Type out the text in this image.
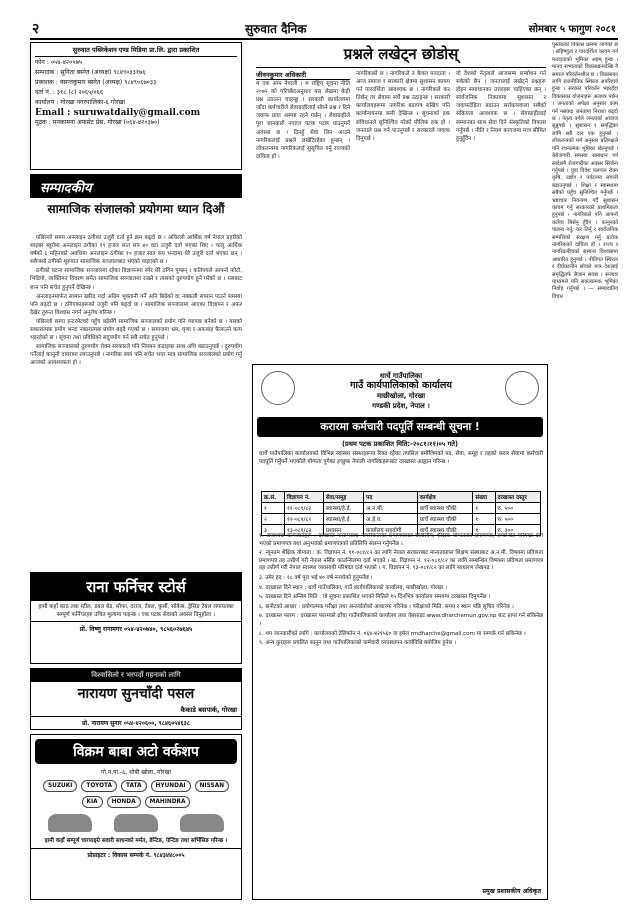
२	सुरुवात दैनिक	सोमबार ५ फागुण २०८१
सुरुवात पब्लिकेशन एण्ड मिडिया प्रा.लि. द्वारा प्रकाशित
फोन : ०५४-४२०५७५
सम्पादक : सुनिता बस्नेत (अध्यक्ष) ९८४९०३३१७६
प्रकाशक : वसन्तकुमार बस्नेत (अध्यक्ष) ९८४९०६७०३३
दर्ता नं. : ३१८ (८) २०६५/०६६
कार्यालय : गोरखा नगरपालिका-६ गोरखा
Email : suruwatdaily@gmail.com
मुद्रक : मनकामना अफसेट प्रेस, गोरखा (०६४-४२०३७०)
सम्पादकीय
सामाजिक संजालको प्रयोगमा ध्यान दिऔं

पछिल्लो समय अनलाइन ठगीका उजुरी दर्ता हुने क्रम बढ्दो छ । अघिल्लो आर्थिक वर्ष नेपाल प्रहरीको साइबर ब्यूरोमा अनलाइन ठगीका १९ हजार सात सय ४० वटा उजुरी दर्ता भएका थिए । चालु आर्थिक वर्षको ६ महिनाको अवधिमा अनलाइन ठगीका १० हजार सात सय भन्दामा धेरै उजुरी दर्ता भएका छन् । सबैजसो ठगीको शुरुवात सामाजिक सञ्जालबाट भएको पाइएको छ ।

ठगीको घटना सामाजिक सञ्जालमा रहेका विज्ञापनमा रमेर धेरै ठगिन पुग्छन् । कतिपयले आफ्नो फोटो, भिडियो, व्यक्तिगत विवरण समेत सामाजिक सञ्जालमा राख्ने र त्यसको दुरुपयोग हुने गरेको छ । यसबाट बच्न पनि सचेत हुनुपर्ने देखिन्छ ।

अनलाइनमार्फत सामान खरिद गर्दा अग्रिम भुक्तानी गर्ने अनि बिग्रेको वा नक्कली सामान पाउने समस्या पनि बढ्दो छ । ठगिएकाहरूको उजुरी पनि बढ्दो छ । सामाजिक सञ्जालमा आएका विज्ञापन र अफर देखेर तुरुन्त विश्वास नगर्न अनुरोध गरिन्छ ।

पछिल्लो समय इन्टरनेटको पहुँच बढेसँगै सामाजिक सञ्जालको प्रयोग पनि व्यापक बनेको छ । यसको सकारात्मक प्रयोग भन्दा नकारात्मक प्रयोग बढ्दै गएको छ । समाजमा भ्रम, घृणा र अफवाह फैलाउने काम भइरहेको छ । सूचना तथा प्रविधिको सदुपयोग गर्न सबै सचेत हुनुपर्छ ।

सामाजिक सञ्जालको दुरुपयोग रोक्न सरकारले पनि नियमन कडाइका साथ अघि बढाउनुपर्छ । दुरुपयोग गर्नेलाई कानुनी दायरामा ल्याउनुपर्छ । नागरिक स्वयं पनि सचेत भएर मात्र सामाजिक सञ्जालको प्रयोग गर्नु आजको आवश्यकता हो ।

राना फर्निचर स्टोर्स
हामी कहाँ काठ तथा स्टील, डबल बेड, सोफा, दराज, टेबल, कुर्सी, सोकेस, ड्रेसिङ टेबल लगायतका सम्पूर्ण फर्निचरहरु उचित मूल्यमा पाइन्छ । एक पटक सेवाको अवसर दिनुहोला ।
प्रो. विष्णु रानामगर ०५४-४२०७४०, ९८५६०२७६४५
विश्वासिलो र भरपर्दो गहनाको लागि
नारायण सुनचाँदी पसल
कैकाडे बसपार्क, गोरखा
प्रो. नारायण सुनार ०५४-४२०६००, ९८४६०५४६३८
विक्रम बाबा अटो वर्कशप
गो.न.पा.-६, धोबी खोला, गोरखा
SUZUKI	TOYOTA	TATA	HYUNDAI	NISSAN
KIA	HONDA	MAHINDRA
हामी कहाँ सम्पूर्ण चारपाङ्ग्रे सवारी साधनको मर्मत, डेन्टिङ, पेन्टिङ तथा सर्भिसिङ गरिन्छ ।
प्रोप्राइटर : विकास सम्पर्क नं. ९८४३४४८००५
प्रश्नले लखेट्न छोडोस्
जीवनकुमार अधिकारी
म एक आम नेपाली । म राष्ट्रिय सूचना नीति २०७२ को परिच्छेदअनुसार यस लेखमा केही प्रश्न उठाउन चाहन्छु । सरकारी कार्यालयमा जाँदा कर्मचारीले सेवाग्राहीलाई सोध्ने प्रश्न र दिने जवाफ प्रायः अस्पष्ट रहने गर्छन् । सेवाग्राहीले पुरा जानकारी नपाएर पटक पटक धाउनुपर्ने अवस्था छ । दिनहुँ सेवा लिन आउने नागरिकलाई प्रश्नले लखेटिरहेका हुन्छन् । लोकतन्त्रमा नागरिकलाई सुसूचित गर्नु राज्यको दायित्व हो ।
नागरिकको छ । नागरिकले त केवल मतदाता । आज समाज र सरकारी क्षेत्रमा सुशासन कायम गर्न पारदर्शिता आवश्यक छ । नागरिकले कर तिर्छन् तर सेवामा सधैं प्रश्न उठाइन्छ । सरकारी कार्यालयहरूमा नागरिक बडापत्र राखिए पनि कार्यान्वयनमा कमी देखिन्छ । सूचनाको हक संविधानले सुनिश्चित गरेको मौलिक हक हो । जनताले प्रश्न गर्न पाउनुपर्छ र सरकारले जवाफ दिनुपर्छ ।
यो देशको नेतृत्वले आजसम्म सम्बोधन गर्न सकेको छैन । जनतालाई लखेट्ने प्रश्नहरू होइन समाधानका उत्तरहरू चाहिएका छन् । सार्वजनिक निकायमा सुशासन र जवाफदेहिता बढाउन सरोकारवाला सबैको सक्रियता आवश्यक छ । सेवाग्राहीलाई सम्मानका साथ सेवा दिने संस्कृतिको विकास गर्नुपर्छ । नीति र नियम कागजमा मात्र सीमित हुनुहुँदैन ।
पुस्तकको विकास क्रममा लागेको छ । सहिष्णुता र पारदर्शिता कायम गर्न मतदाताको भूमिका अहम् हुन्छ । मानव सभ्यताको विकासक्रमदेखि नै समाज परिवर्तनशील छ । विकासका लागि राजनीतिक स्थिरता अपरिहार्य हुन्छ । सरकार परिवर्तन भइरहँदा विकासका योजनाहरू अलपत्र पर्छन् । जनताको अपेक्षा अनुसार काम गर्न नसक्दा जनतामा निराशा बढ्दो छ । नेतृत्व वर्गले जनताको आवाज सुन्नुपर्छ । सुशासन र समृद्धिका लागि सबै दल एक हुनुपर्छ । लोकतन्त्रको मर्म अनुसार प्रतिपक्षले पनि रचनात्मक भूमिका खेल्नुपर्छ । बेरोजगारी समस्या समाधान गर्न स्वदेशमै रोजगारीका अवसर सिर्जना गर्नुपर्छ । युवा विदेश पलायन रोक्न कृषि, उद्योग र पर्यटनमा लगानी बढाउनुपर्छ । शिक्षा र स्वास्थ्यमा सबैको पहुँच सुनिश्चित गर्नुपर्छ । भ्रष्टाचार नियन्त्रण गर्दै सुशासन कायम गर्नु सरकारको प्राथमिकता हुनुपर्छ । नागरिकले पनि आफ्नो कर्तव्य बिर्सनु हुँदैन । कानुनको पालना गर्नु, कर तिर्नु र सार्वजनिक सम्पत्तिको संरक्षण गर्नु प्रत्येक नागरिकको दायित्व हो । राज्य र नागरिकबीचको सम्बन्ध विश्वासमा आधारित हुनुपर्छ । नीतिगत स्थिरता र दीर्घकालीन सोचले मात्र देशलाई समृद्धितर्फ लैजान सक्छ । सञ्चार माध्यमले पनि सकारात्मक भूमिका निर्वाह गर्नुपर्छ । — सम्पादकीय विचार
धार्चे गाउँपालिका
गाउँ कार्यपालिकाको कार्यालय
माछीखोला, गोरखा
गण्डकी प्रदेश, नेपाल ।
करारमा कर्मचारी पदपूर्ति सम्बन्धी सूचना !
(प्रथम पटक प्रकाशित मिति:-२०८१।११।०५ गते)
धार्चे गाउँपालिका कार्यालयको विभिन्न स्वास्थ्य संस्थाहरूमा रिक्त रहेका तपसिल बमोजिमको पद, सेवा, समूह र तहको करार सेवामा कर्मचारी पदपूर्ति गर्नुपर्ने भएकोले योग्यता पुगेका इच्छुक नेपाली नागरिकहरूबाट दरखास्त आह्वान गरिन्छ ।
क्र.सं.	विज्ञापन नं.	सेवा/समूह	पद	कार्यक्षेत्र	संख्या	दरखास्त दस्तुर
१	११-०८१/८२	स्वास्थ्य/हे.ई.	अ.न.मी.	धार्चे स्वास्थ्य चौकी	१	रु. ५००
२	१२-०८१/८२	स्वास्थ्य/हे.ई.	अ.हे.व.	धार्चे स्वास्थ्य चौकी	१	रु. ५००
३	१३-०८१/८२	प्रशासन	कार्यालय सहयोगी	धार्चे स्वास्थ्य चौकी	१	रु. ३००

१. आवश्यक कागजातहरू : दरखास्त फारामसाथ नागरिकताको प्रमाणपत्रको प्रतिलिपि, शैक्षिक योग्यताको प्रमाणपत्र, सम्बन्धित परिषद्मा दर्ता भएको प्रमाणपत्र तथा अनुभवको प्रमाणपत्रको प्रतिलिपि संलग्न गर्नुपर्नेछ ।

२. न्यूनतम शैक्षिक योग्यता : क. विज्ञापन नं. ११-०८१/८२ का लागि नेपाल सरकारबाट मान्यताप्राप्त शिक्षण संस्थाबाट अ.न.मी. विषयमा प्रविणता प्रमाणपत्र तह उत्तीर्ण गरी नेपाल नर्सिङ काउन्सिलमा दर्ता भएको । ख. विज्ञापन नं. १२-०८१/८२ का लागि सम्बन्धित विषयमा प्रविणता प्रमाणपत्र तह उत्तीर्ण गरी नेपाल स्वास्थ्य व्यवसायी परिषद्मा दर्ता भएको । ग. विज्ञापन नं. १३-०८१/८२ का लागि साधारण लेखपढ ।

३. उमेर हद : १८ वर्ष पूरा भई ४० वर्ष ननाघेको हुनुपर्नेछ ।

४. दरखास्त दिने स्थान : धार्चे गाउँपालिका, गाउँ कार्यपालिकाको कार्यालय, माछीखोला, गोरखा ।

५. दरखास्त दिने अन्तिम मिति : यो सूचना प्रकाशित भएको मितिले १५ दिनभित्र कार्यालय समयमा दरखास्त दिनुपर्नेछ ।

६. छनौटको आधार : प्रयोगात्मक परीक्षा तथा अन्तर्वार्ताको आधारमा गरिनेछ । परीक्षाको मिति, समय र स्थान पछि सूचित गरिनेछ ।

७. दरखास्त फारम : दरखास्त फारमको ढाँचा गाउँपालिकाको कार्यालय तथा वेबसाइट www.dharchemun.gov.np बाट प्राप्त गर्न सकिनेछ ।

८. थप जानकारीको लागि : कार्यालयको टेलिफोन नं. ०६४-४२१५६० वा इमेल rmdharche@gmail.com मा सम्पर्क गर्न सकिनेछ ।

९. अन्य कुराहरू प्रचलित कानुन तथा गाउँपालिकाको कर्मचारी व्यवस्थापन कार्यविधि बमोजिम हुनेछ ।

प्रमुख प्रशासकीय अधिकृत
